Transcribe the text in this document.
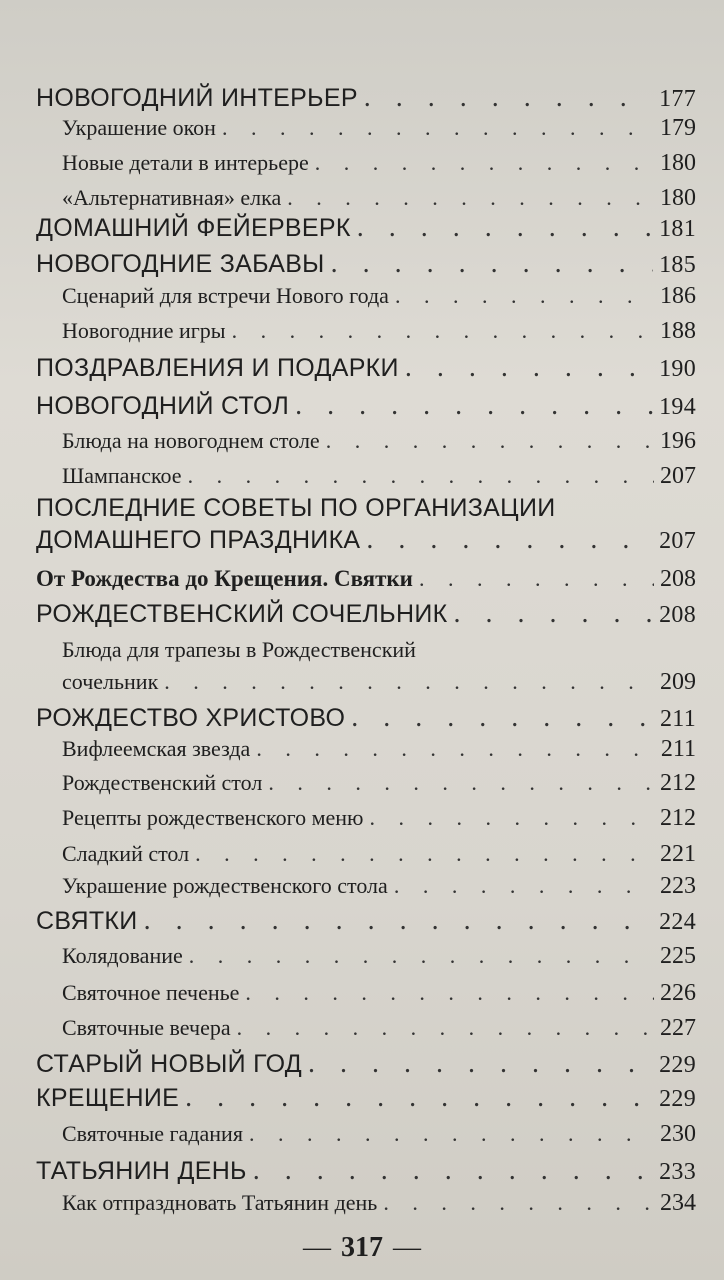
НОВОГОДНИЙ ИНТЕРЬЕР . . .	177
Украшение окон . . .	179
Новые детали в интерьере . . .	180
«Альтернативная» елка . . .	180
ДОМАШНИЙ ФЕЙЕРВЕРК . . .	181
НОВОГОДНИЕ ЗАБАВЫ . . .	185
Сценарий для встречи Нового года . . .	186
Новогодние игры . . .	188
ПОЗДРАВЛЕНИЯ И ПОДАРКИ . . .	190
НОВОГОДНИЙ СТОЛ . . .	194
Блюда на новогоднем столе . . .	196
Шампанское . . .	207
ПОСЛЕДНИЕ СОВЕТЫ ПО ОРГАНИЗАЦИИ
ДОМАШНЕГО ПРАЗДНИКА . . .	207
От Рождества до Крещения. Святки . . .	208
РОЖДЕСТВЕНСКИЙ СОЧЕЛЬНИК . . .	208
Блюда для трапезы в Рождественский
сочельник . . .	209
РОЖДЕСТВО ХРИСТОВО . . .	211
Вифлеемская звезда . . .	211
Рождественский стол . . .	212
Рецепты рождественского меню . . .	212
Сладкий стол . . .	221
Украшение рождественского стола . . .	223
СВЯТКИ . . .	224
Колядование . . .	225
Святочное печенье . . .	226
Святочные вечера . . .	227
СТАРЫЙ НОВЫЙ ГОД . . .	229
КРЕЩЕНИЕ . . .	229
Святочные гадания . . .	230
ТАТЬЯНИН ДЕНЬ . . .	233
Как отпраздновать Татьянин день . . .	234
— 317 —
